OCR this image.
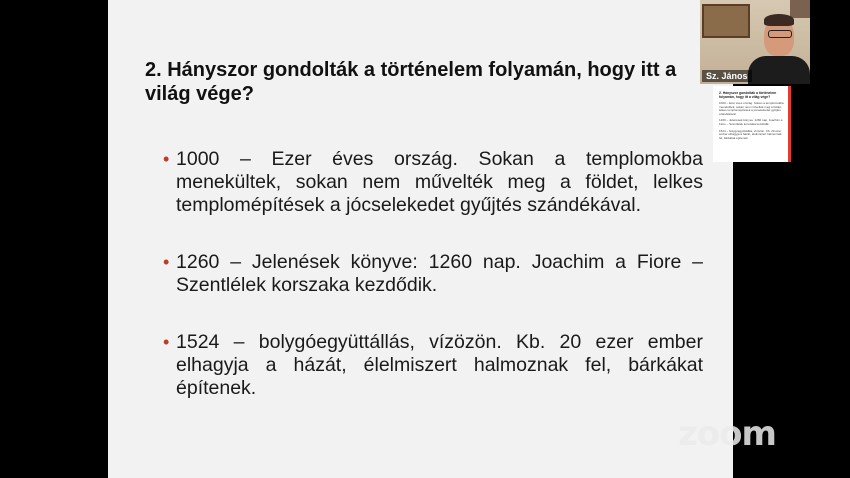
2. Hányszor gondolták a történelem folyamán, hogy itt a világ vége?
• 1000 – Ezer éves ország. Sokan a templomokba menekültek, sokan nem művelték meg a földet, lelkes templomépítések a jócselekedet gyűjtés szándékával.
• 1260 – Jelenések könyve: 1260 nap. Joachim a Fiore – Szentlélek korszaka kezdődik.
• 1524 – bolygóegyüttállás, vízözön. Kb. 20 ezer ember elhagyja a házát, élelmiszert halmoznak fel, bárkákat építenek.
Sz. János
2. Hányszor gondolták a történelem folyamán, hogy itt a világ vége?
1000 – Ezer éves ország. Sokan a templomokba menekültek, sokan nem művelték meg a földet, lelkes templomépítések a jócselekedet gyűjtés szándékával.
1260 – Jelenések könyve: 1260 nap. Joachim a Fiore – Szentlélek korszaka kezdődik.
1524 – bolygóegyüttállás, vízözön. Kb. 20 ezer ember elhagyja a házát, élelmiszert halmoznak fel, bárkákat építenek.
zoom
